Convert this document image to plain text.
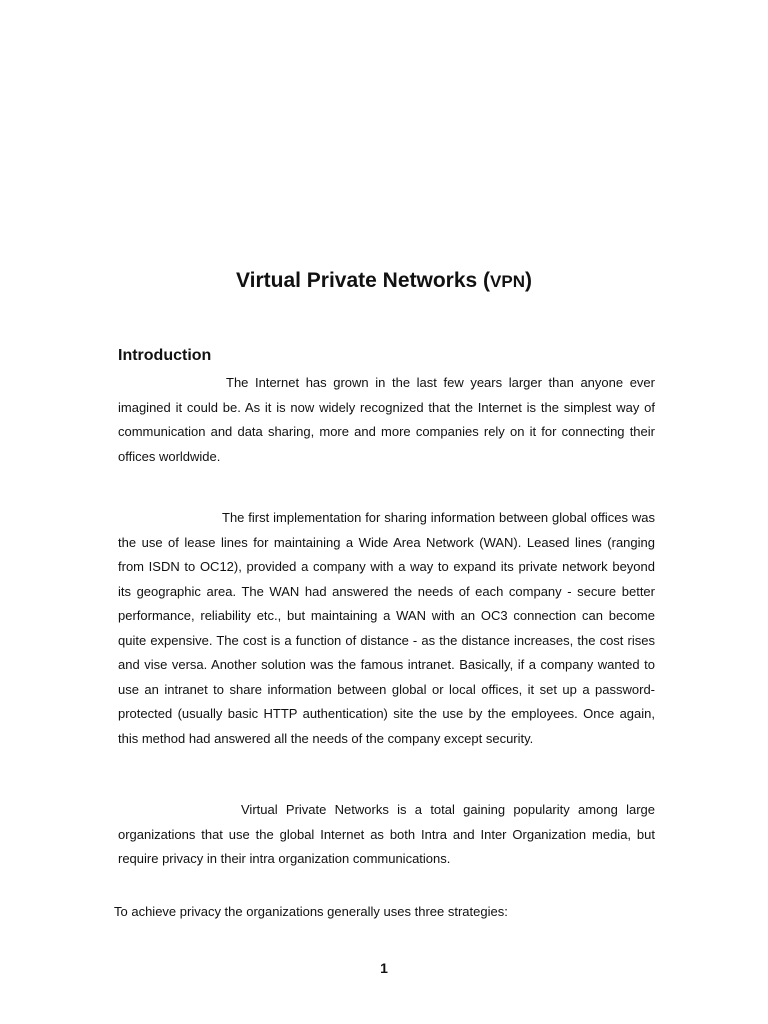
Virtual Private Networks (VPN)
Introduction

The Internet has grown in the last few years larger than anyone ever imagined it could be. As it is now widely recognized that the Internet is the simplest way of communication and data sharing, more and more companies rely on it for connecting their offices worldwide.

The first implementation for sharing information between global offices was the use of lease lines for maintaining a Wide Area Network (WAN). Leased lines (ranging from ISDN to OC12), provided a company with a way to expand its private network beyond its geographic area. The WAN had answered the needs of each company - secure better performance, reliability etc., but maintaining a WAN with an OC3 connection can become quite expensive. The cost is a function of distance - as the distance increases, the cost rises and vise versa. Another solution was the famous intranet. Basically, if a company wanted to use an intranet to share information between global or local offices, it set up a password-protected (usually basic HTTP authentication) site the use by the employees. Once again, this method had answered all the needs of the company except security.

Virtual Private Networks is a total gaining popularity among large organizations that use the global Internet as both Intra and Inter Organization media, but require privacy in their intra organization communications.

To achieve privacy the organizations generally uses three strategies:

1
